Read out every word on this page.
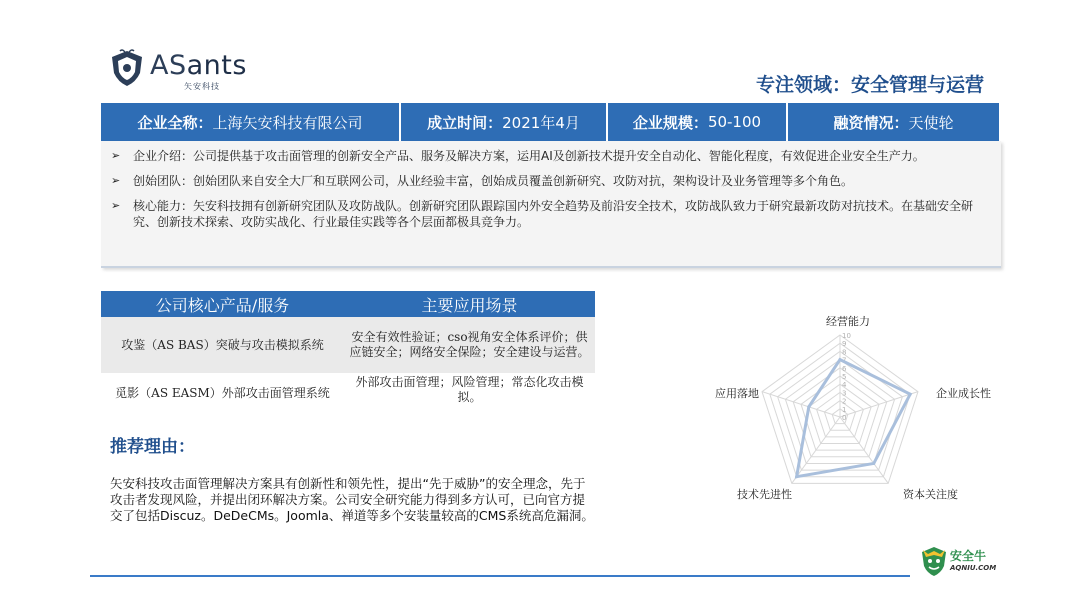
ASants
矢安科技	专注领域：安全管理与运营
企业全称： 上海矢安科技有限公司	成立时间： 2021年4月	企业规模： 50-100	融资情况： 天使轮
➢	企业介绍：公司提供基于攻击面管理的创新安全产品、服务及解决方案，运用AI及创新技术提升安全自动化、智能化程度，有效促进企业安全生产力。
➢	创始团队：创始团队来自安全大厂和互联网公司，从业经验丰富，创始成员覆盖创新研究、攻防对抗，架构设计及业务管理等多个角色。
➢	核心能力：矢安科技拥有创新研究团队及攻防战队。创新研究团队跟踪国内外安全趋势及前沿安全技术，攻防战队致力于研究最新攻防对抗技术。在基础安全研究、创新技术探索、攻防实战化、行业最佳实践等各个层面都极具竞争力。
公司核心产品/服务	主要应用场景
攻鉴（AS BAS）突破与攻击模拟系统	安全有效性验证；cso视角安全体系评价；供应链安全；网络安全保险；安全建设与运营。
觅影（AS EASM）外部攻击面管理系统	外部攻击面管理；风险管理；常态化攻击模拟。
推荐理由：
矢安科技攻击面管理解决方案具有创新性和领先性，提出“先于威胁”的安全理念，先于攻击者发现风险，并提出闭环解决方案。公司安全研究能力得到多方认可，已向官方提交了包括Discuz。DeDeCMs。Joomla、禅道等多个安装量较高的CMS系统高危漏洞。
0
1
2
3
4
5
6
7
8
9
10
经营能力
企业成长性
资本关注度
技术先进性
应用落地
安全牛
AQNIU.COM
